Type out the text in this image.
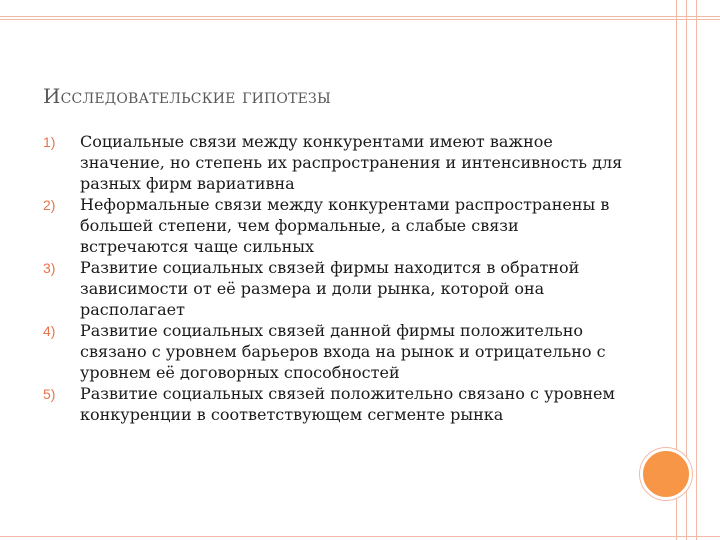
Исследовательские гипотезы
1)	Социальные связи между конкурентами имеют важное значение, но степень их распространения и интенсивность для разных фирм вариативна
2)	Неформальные связи между конкурентами распространены в большей степени, чем формальные, а слабые связи встречаются чаще сильных
3)	Развитие социальных связей фирмы находится в обратной зависимости от её размера и доли рынка, которой она располагает
4)	Развитие социальных связей данной фирмы положительно связано с уровнем барьеров входа на рынок и отрицательно с уровнем её договорных способностей
5)	Развитие социальных связей положительно связано с уровнем конкуренции в соответствующем сегменте рынка
